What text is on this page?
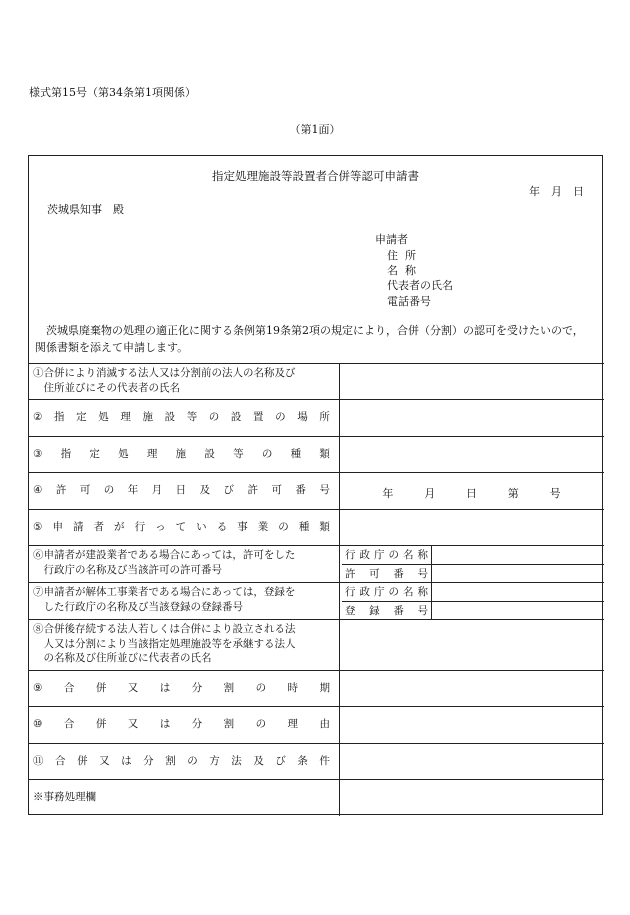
様式第15号（第34条第1項関係）
（第1面）
指定処理施設等設置者合併等認可申請書
年　月　日
茨城県知事　殿
申請者
住所
名称
代表者の氏名
電話番号

　茨城県廃棄物の処理の適正化に関する条例第19条第2項の規定により，合併（分割）の認可を受けたいので，

関係書類を添えて申請します。

①合併により消滅する法人又は分割前の法人の名称及び
　住所並びにその代表者の氏名
② 指 定 処 理 施 設 等 の 設 置 の 場 所
③ 指 定 処 理 施 設 等 の 種 類
④ 許 可 の 年 月 日 及 び 許 可 番 号	年	月	日	第	号
⑤ 申 請 者 が 行 っ て い る 事 業 の 種 類
⑥申請者が建設業者である場合にあっては，許可をした
　行政庁の名称及び当該許可の許可番号
行 政 庁 の 名 称
許 可 番 号
⑦申請者が解体工事業者である場合にあっては，登録を
　した行政庁の名称及び当該登録の登録番号
行 政 庁 の 名 称
登 録 番 号
⑧合併後存続する法人若しくは合併により設立される法
　人又は分割により当該指定処理施設等を承継する法人
　の名称及び住所並びに代表者の氏名
⑨ 合 併 又 は 分 割 の 時 期
⑩ 合 併 又 は 分 割 の 理 由
⑪ 合 併 又 は 分 割 の 方 法 及 び 条 件
※事務処理欄
